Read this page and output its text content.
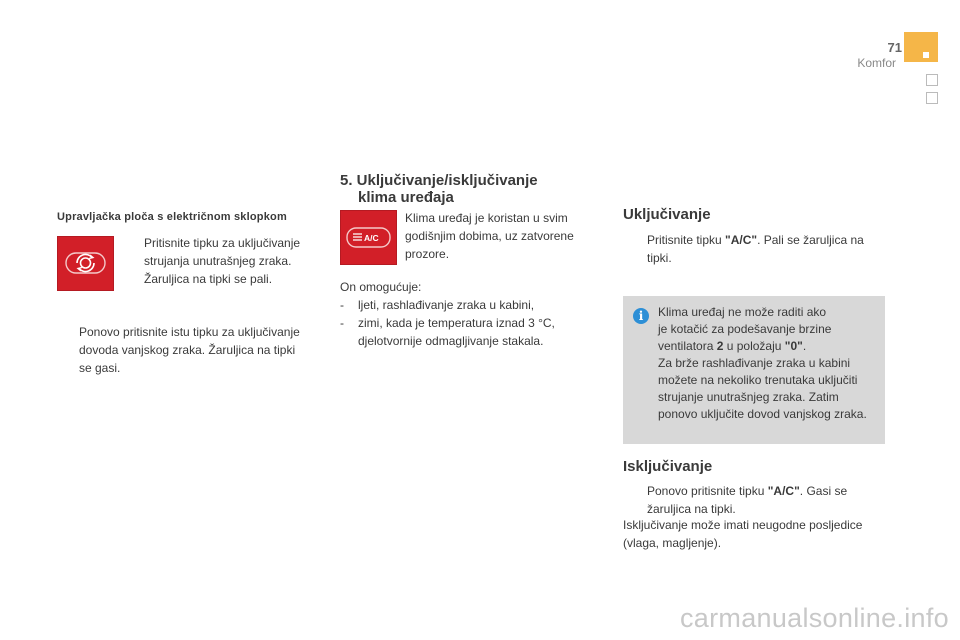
71
Komfor
Upravljačka ploča s električnom sklopkom
Pritisnite tipku za uključivanje
strujanja unutrašnjeg zraka.
Žaruljica na tipki se pali.
Ponovo pritisnite istu tipku za uključivanje
dovoda vanjskog zraka. Žaruljica na tipki
se gasi.
5. Uključivanje/isključivanje
klima uređaja
A/C
Klima uređaj je koristan u svim
godišnjim dobima, uz zatvorene
prozore.
On omogućuje:
- ljeti, rashlađivanje zraka u kabini,
- zimi, kada je temperatura iznad 3 °C,
djelotvornije odmagljivanje stakala.
Uključivanje
Pritisnite tipku "A/C". Pali se žaruljica na
tipki.
i	Klima uređaj ne može raditi ako
je kotačić za podešavanje brzine
ventilatora 2 u položaju "0".
Za brže rashlađivanje zraka u kabini
možete na nekoliko trenutaka uključiti
strujanje unutrašnjeg zraka. Zatim
ponovo uključite dovod vanjskog zraka.
Isključivanje
Ponovo pritisnite tipku "A/C". Gasi se
žaruljica na tipki.
Isključivanje može imati neugodne posljedice
(vlaga, magljenje).
carmanualsonline.info
